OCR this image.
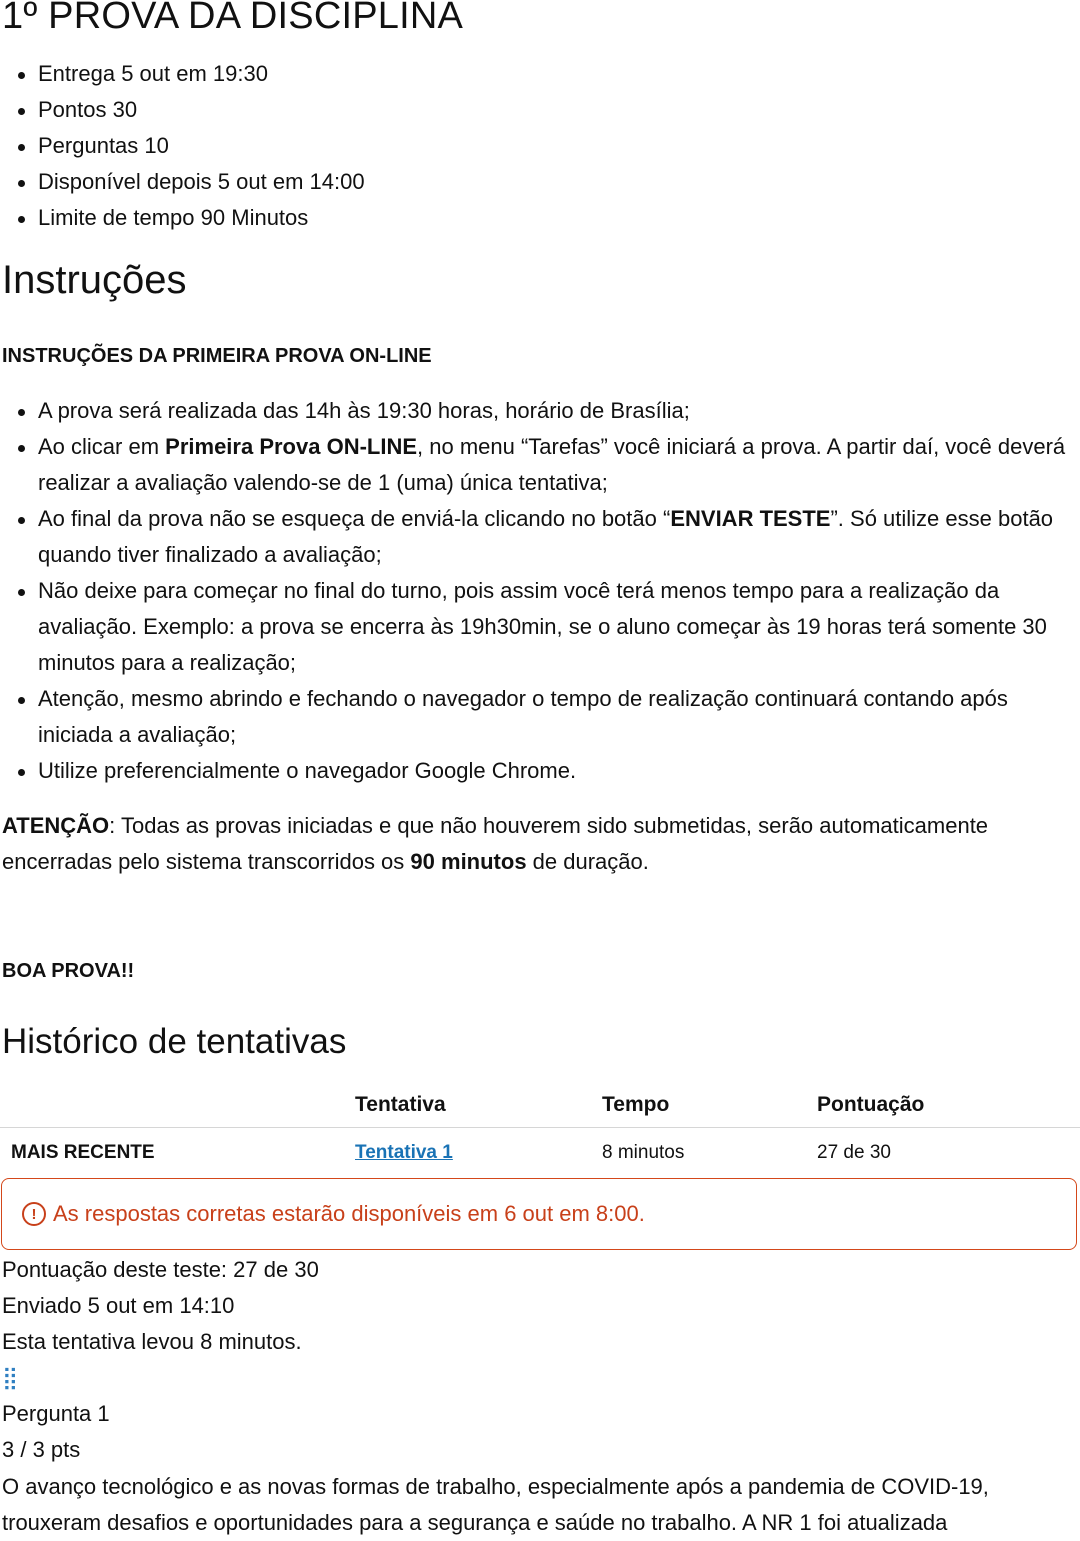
1º PROVA DA DISCIPLINA
Entrega 5 out em 19:30
Pontos 30
Perguntas 10
Disponível depois 5 out em 14:00
Limite de tempo 90 Minutos
Instruções

INSTRUÇÕES DA PRIMEIRA PROVA ON-LINE

A prova será realizada das 14h às 19:30 horas, horário de Brasília;
Ao clicar em Primeira Prova ON-LINE, no menu “Tarefas” você iniciará a prova. A partir daí, você deverá realizar a avaliação valendo-se de 1 (uma) única tentativa;
Ao final da prova não se esqueça de enviá-la clicando no botão “ENVIAR TESTE”. Só utilize esse botão quando tiver finalizado a avaliação;
Não deixe para começar no final do turno, pois assim você terá menos tempo para a realização da avaliação. Exemplo: a prova se encerra às 19h30min, se o aluno começar às 19 horas terá somente 30 minutos para a realização;
Atenção, mesmo abrindo e fechando o navegador o tempo de realização continuará contando após iniciada a avaliação;
Utilize preferencialmente o navegador Google Chrome.

ATENÇÃO: Todas as provas iniciadas e que não houverem sido submetidas, serão automaticamente encerradas pelo sistema transcorridos os 90 minutos de duração.

BOA PROVA!!

Histórico de tentativas
	Tentativa	Tempo	Pontuação
MAIS RECENTE	Tentativa 1	8 minutos	27 de 30
! As respostas corretas estarão disponíveis em 6 out em 8:00.
Pontuação deste teste: 27 de 30
Enviado 5 out em 14:10
Esta tentativa levou 8 minutos.
⣿
Pergunta 1
3 / 3 pts

O avanço tecnológico e as novas formas de trabalho, especialmente após a pandemia de COVID-19, trouxeram desafios e oportunidades para a segurança e saúde no trabalho. A NR 1 foi atualizada
